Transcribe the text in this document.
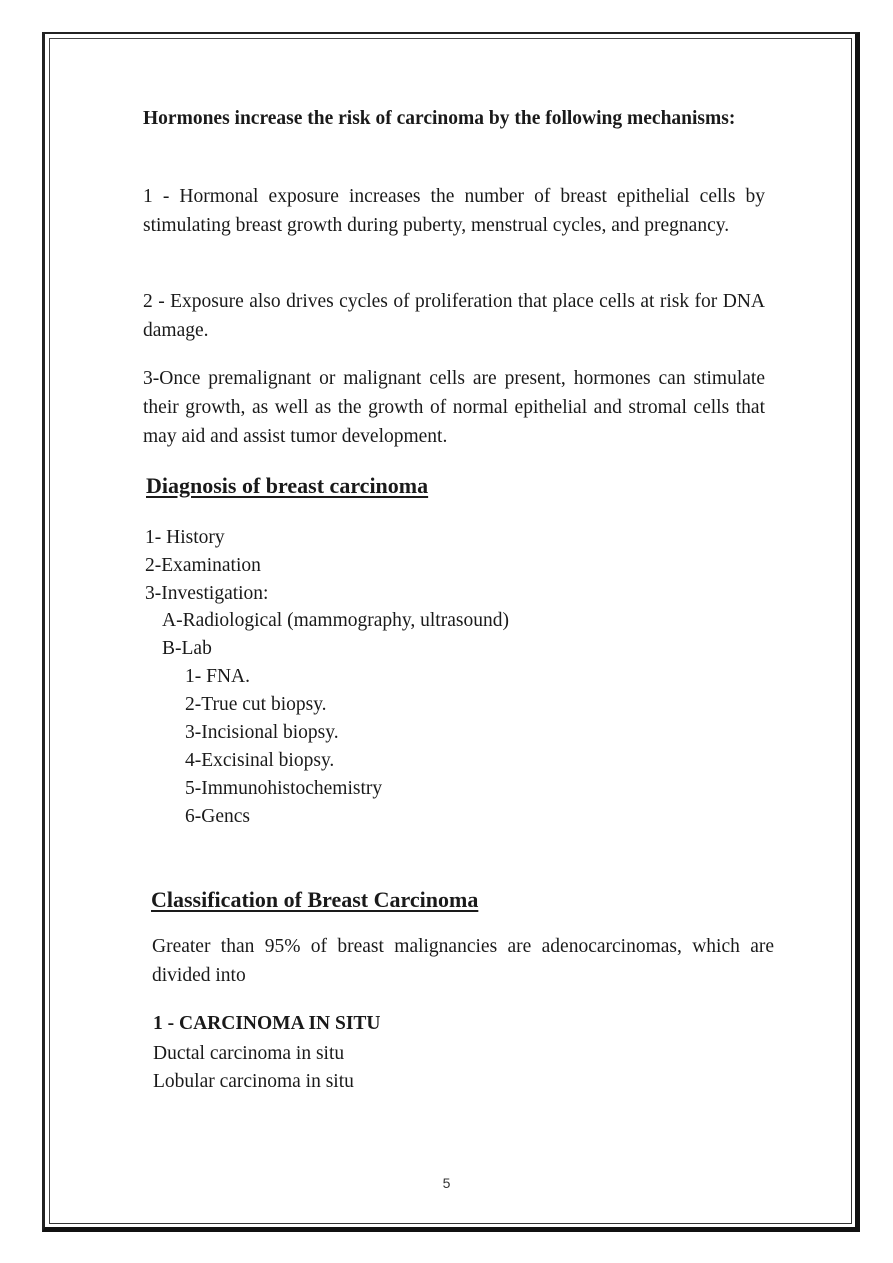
Hormones increase the risk of carcinoma by the following mechanisms:

1 - Hormonal exposure increases the number of breast epithelial cells by stimulating breast growth during puberty, menstrual cycles, and pregnancy.

2 - Exposure also drives cycles of proliferation that place cells at risk for DNA damage.

3-Once premalignant or malignant cells are present, hormones can stimulate their growth, as well as the growth of normal epithelial and stromal cells that may aid and assist tumor development.

Diagnosis of breast carcinoma

1- History

2-Examination

3-Investigation:

A-Radiological (mammography, ultrasound)

B-Lab

1- FNA.

2-True cut biopsy.

3-Incisional biopsy.

4-Excisinal biopsy.

5-Immunohistochemistry

6-Gencs

Classification of Breast Carcinoma

Greater than 95% of breast malignancies are adenocarcinomas, which are divided into

1 - CARCINOMA IN SITU

Ductal carcinoma in situ

Lobular carcinoma in situ

5
